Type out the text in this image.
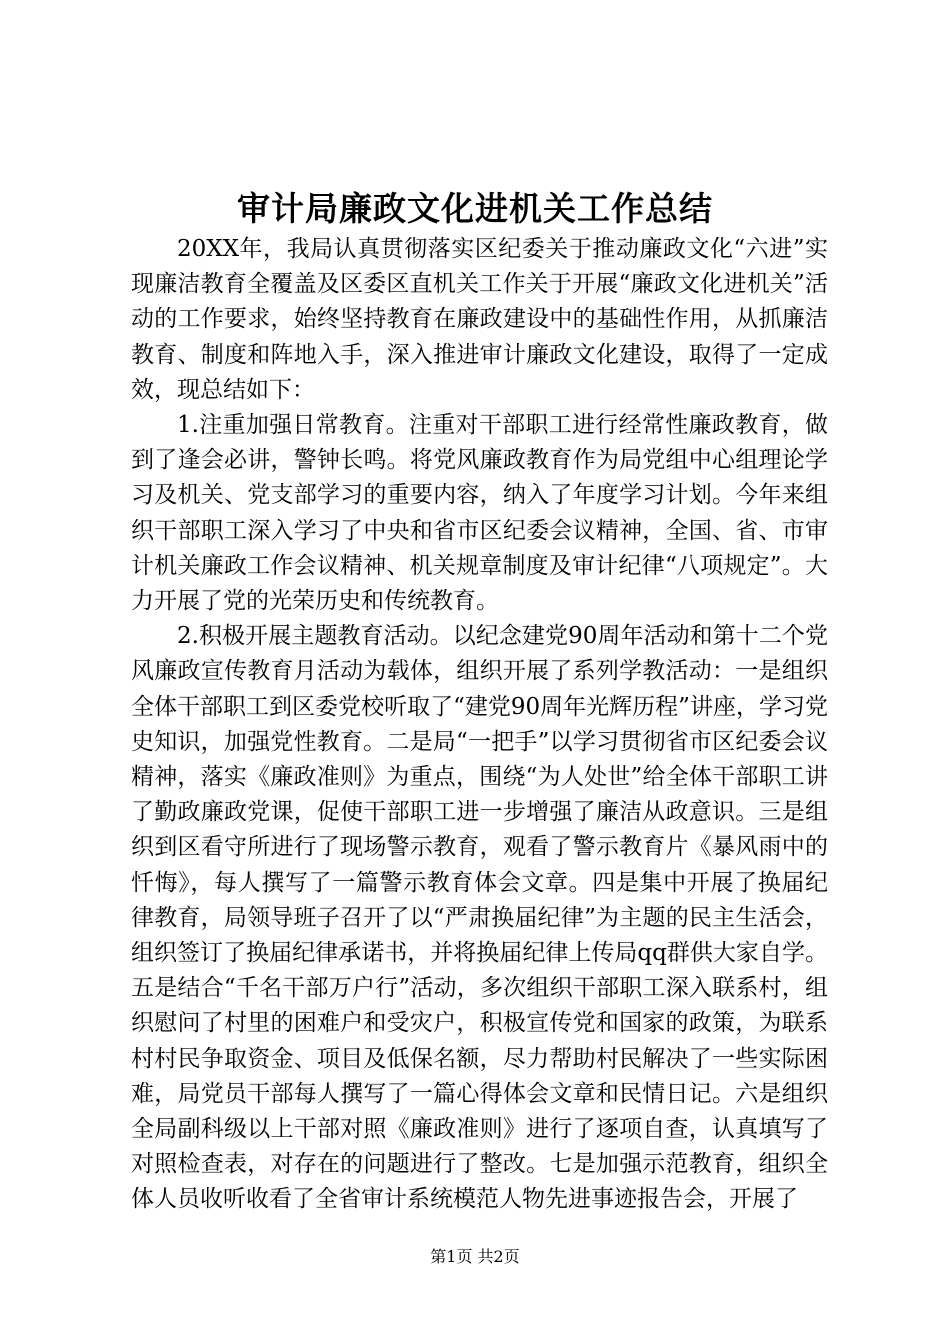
审计局廉政文化进机关工作总结

20XX年，我局认真贯彻落实区纪委关于推动廉政文化“六进”实现廉洁教育全覆盖及区委区直机关工作关于开展“廉政文化进机关”活动的工作要求，始终坚持教育在廉政建设中的基础性作用，从抓廉洁教育、制度和阵地入手，深入推进审计廉政文化建设，取得了一定成效，现总结如下：

1.注重加强日常教育。注重对干部职工进行经常性廉政教育，做到了逢会必讲，警钟长鸣。将党风廉政教育作为局党组中心组理论学习及机关、党支部学习的重要内容，纳入了年度学习计划。今年来组织干部职工深入学习了中央和省市区纪委会议精神，全国、省、市审计机关廉政工作会议精神、机关规章制度及审计纪律“八项规定”。大力开展了党的光荣历史和传统教育。

2.积极开展主题教育活动。以纪念建党90周年活动和第十二个党风廉政宣传教育月活动为载体，组织开展了系列学教活动：一是组织全体干部职工到区委党校听取了“建党90周年光辉历程”讲座，学习党史知识，加强党性教育。二是局“一把手”以学习贯彻省市区纪委会议精神，落实《廉政准则》为重点，围绕“为人处世”给全体干部职工讲了勤政廉政党课，促使干部职工进一步增强了廉洁从政意识。三是组织到区看守所进行了现场警示教育，观看了警示教育片《暴风雨中的忏悔》，每人撰写了一篇警示教育体会文章。四是集中开展了换届纪律教育，局领导班子召开了以“严肃换届纪律”为主题的民主生活会，组织签订了换届纪律承诺书，并将换届纪律上传局qq群供大家自学。五是结合“千名干部万户行”活动，多次组织干部职工深入联系村，组织慰问了村里的困难户和受灾户，积极宣传党和国家的政策，为联系村村民争取资金、项目及低保名额，尽力帮助村民解决了一些实际困难，局党员干部每人撰写了一篇心得体会文章和民情日记。六是组织全局副科级以上干部对照《廉政准则》进行了逐项自查，认真填写了对照检查表，对存在的问题进行了整改。七是加强示范教育，组织全体人员收听收看了全省审计系统模范人物先进事迹报告会，开展了

第1页 共2页
